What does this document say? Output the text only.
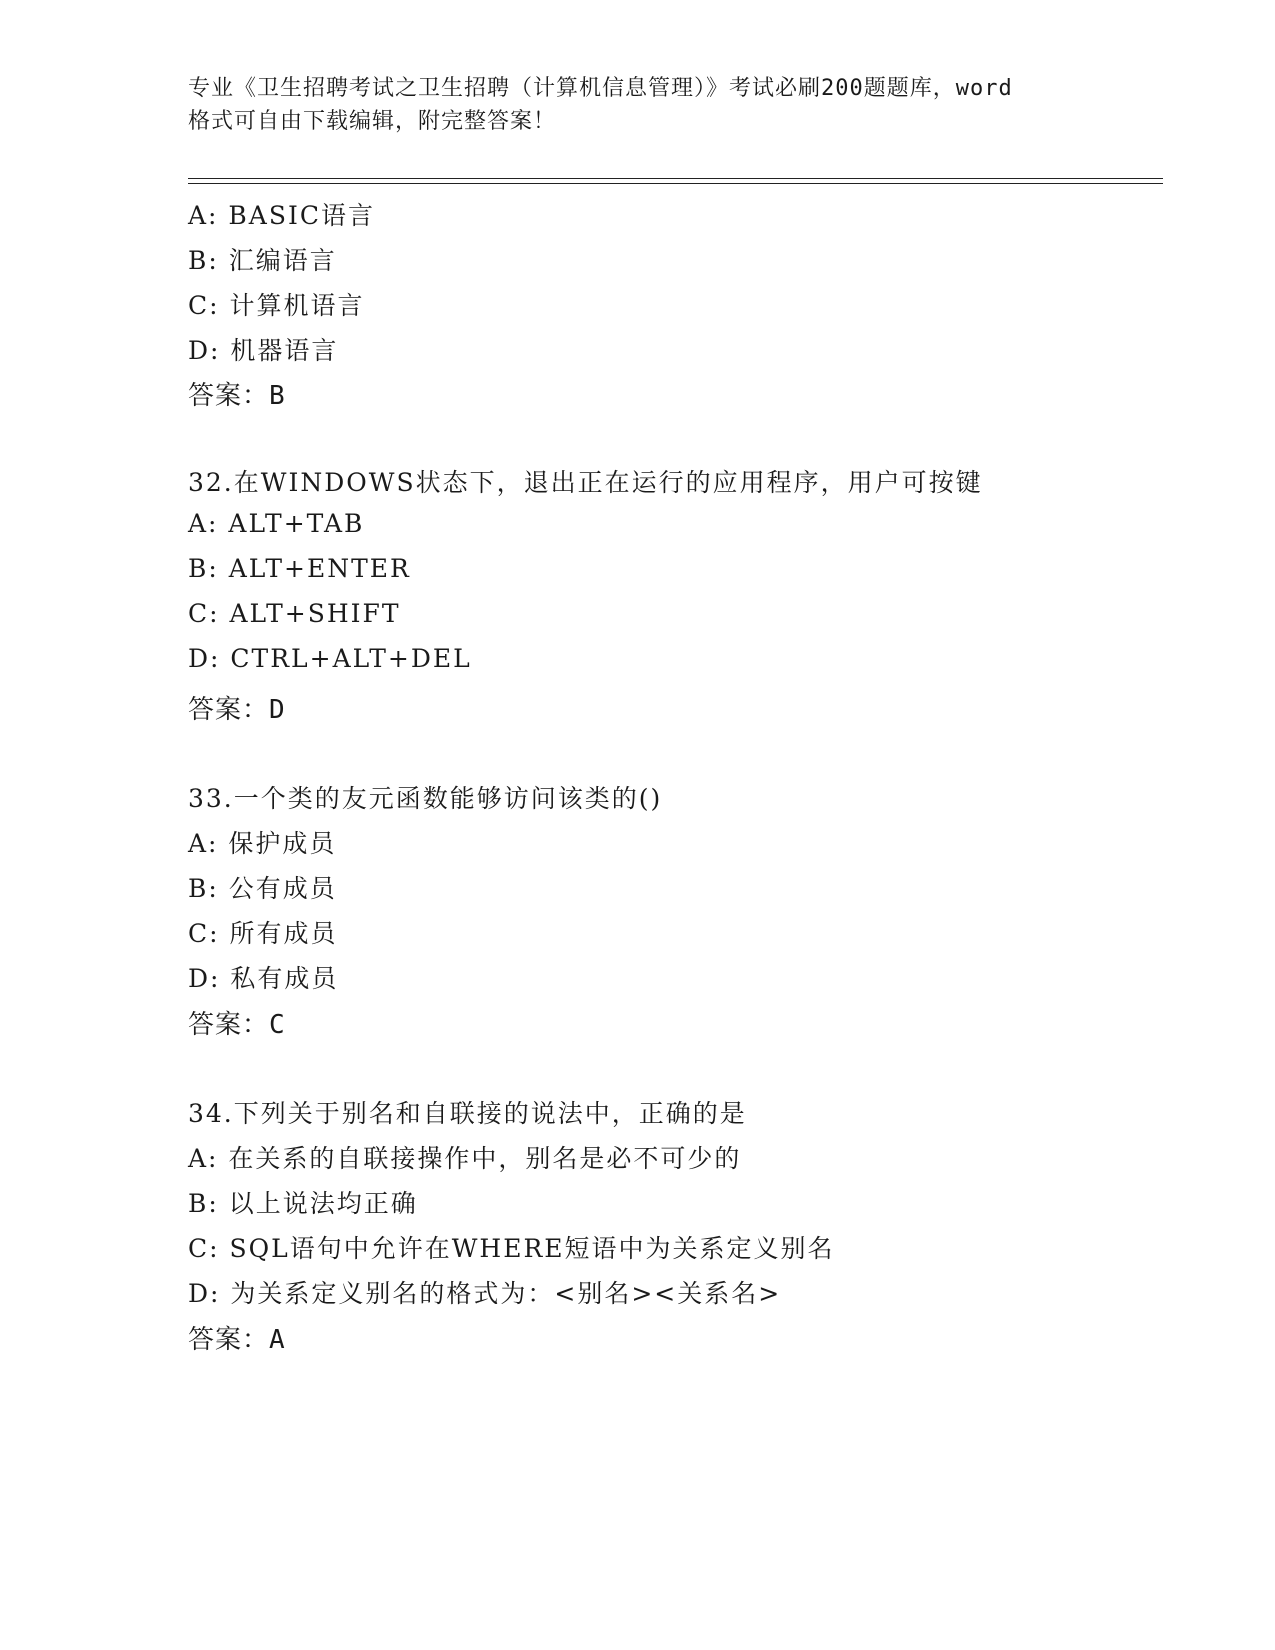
专业《卫生招聘考试之卫生招聘（计算机信息管理）》考试必刷200题题库，word
格式可自由下载编辑，附完整答案！
A: BASIC语言
B: 汇编语言
C: 计算机语言
D: 机器语言
答案：B
32.在WINDOWS状态下，退出正在运行的应用程序，用户可按键
A: ALT+TAB
B: ALT+ENTER
C: ALT+SHIFT
D: CTRL+ALT+DEL
答案：D
33.一个类的友元函数能够访问该类的()
A: 保护成员
B: 公有成员
C: 所有成员
D: 私有成员
答案：C
34.下列关于别名和自联接的说法中，正确的是
A: 在关系的自联接操作中，别名是必不可少的
B: 以上说法均正确
C: SQL语句中允许在WHERE短语中为关系定义别名
D: 为关系定义别名的格式为：<别名><关系名>
答案：A
